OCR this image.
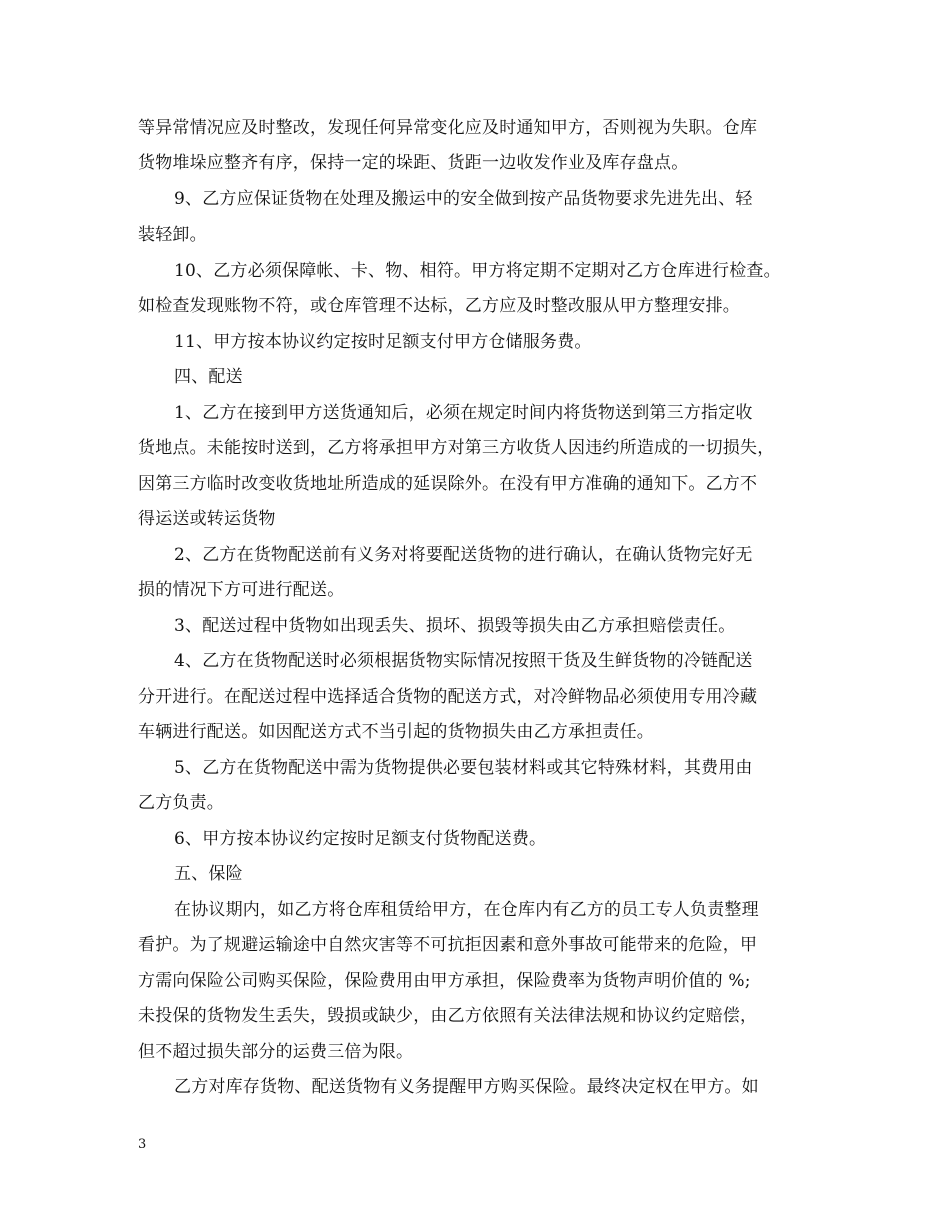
等异常情况应及时整改，发现任何异常变化应及时通知甲方，否则视为失职。仓库
货物堆垛应整齐有序，保持一定的垛距、货距一边收发作业及库存盘点。
9、乙方应保证货物在处理及搬运中的安全做到按产品货物要求先进先出、轻
装轻卸。
10、乙方必须保障帐、卡、物、相符。甲方将定期不定期对乙方仓库进行检查。
如检查发现账物不符，或仓库管理不达标，乙方应及时整改服从甲方整理安排。
11、甲方按本协议约定按时足额支付甲方仓储服务费。
四、配送
1、乙方在接到甲方送货通知后，必须在规定时间内将货物送到第三方指定收
货地点。未能按时送到，乙方将承担甲方对第三方收货人因违约所造成的一切损失，
因第三方临时改变收货地址所造成的延误除外。在没有甲方准确的通知下。乙方不
得运送或转运货物
2、乙方在货物配送前有义务对将要配送货物的进行确认，在确认货物完好无
损的情况下方可进行配送。
3、配送过程中货物如出现丢失、损坏、损毁等损失由乙方承担赔偿责任。
4、乙方在货物配送时必须根据货物实际情况按照干货及生鲜货物的冷链配送
分开进行。在配送过程中选择适合货物的配送方式，对冷鲜物品必须使用专用冷藏
车辆进行配送。如因配送方式不当引起的货物损失由乙方承担责任。
5、乙方在货物配送中需为货物提供必要包装材料或其它特殊材料，其费用由
乙方负责。
6、甲方按本协议约定按时足额支付货物配送费。
五、保险
在协议期内，如乙方将仓库租赁给甲方，在仓库内有乙方的员工专人负责整理
看护。为了规避运输途中自然灾害等不可抗拒因素和意外事故可能带来的危险，甲
方需向保险公司购买保险，保险费用由甲方承担，保险费率为货物声明价值的 %;
未投保的货物发生丢失，毁损或缺少，由乙方依照有关法律法规和协议约定赔偿，
但不超过损失部分的运费三倍为限。
乙方对库存货物、配送货物有义务提醒甲方购买保险。最终决定权在甲方。如
3
